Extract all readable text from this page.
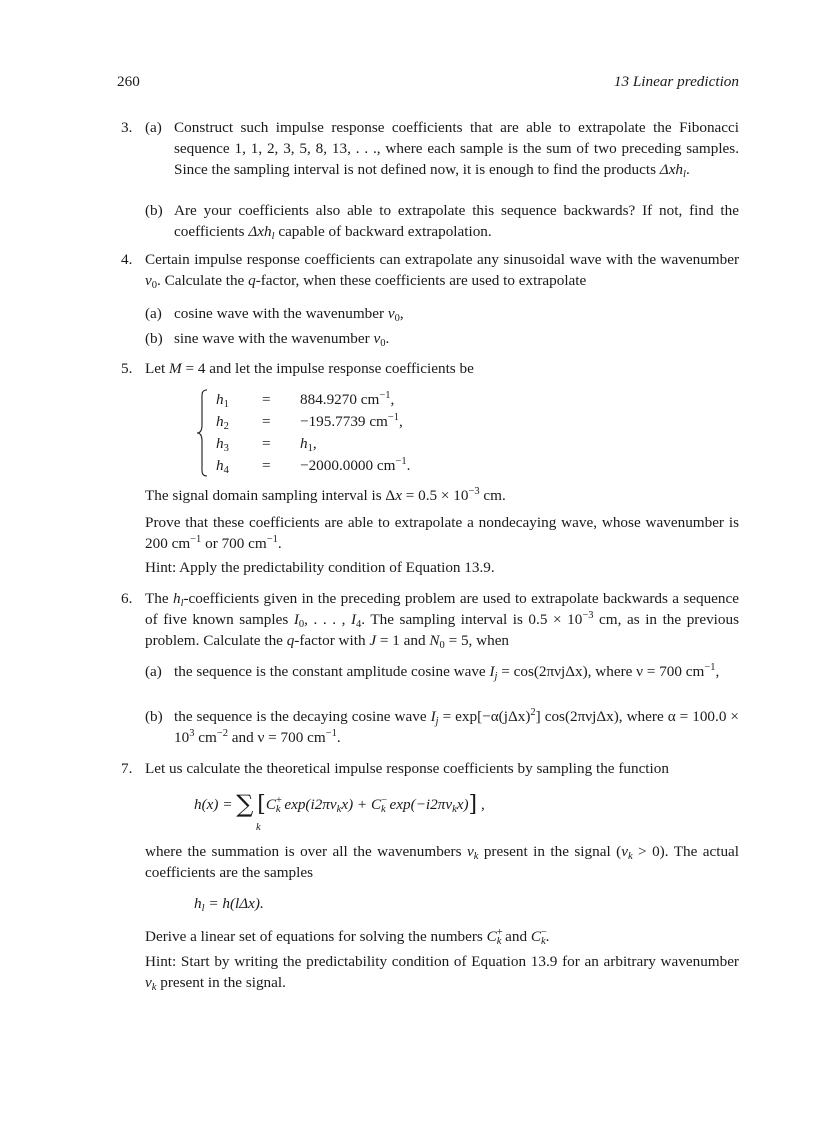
260	13 Linear prediction
3. (a) Construct such impulse response coefficients that are able to extrapolate the Fibonacci sequence 1, 1, 2, 3, 5, 8, 13, . . ., where each sample is the sum of two preceding samples. Since the sampling interval is not defined now, it is enough to find the products Δxh$_l$.
(b) Are your coefficients also able to extrapolate this sequence backwards? If not, find the coefficients Δxh$_l$ capable of backward extrapolation.
4. Certain impulse response coefficients can extrapolate any sinusoidal wave with the wavenumber $\nu_0$. Calculate the q-factor, when these coefficients are used to extrapolate
(a) cosine wave with the wavenumber $\nu_0$,
(b) sine wave with the wavenumber $\nu_0$.
5. Let M = 4 and let the impulse response coefficients be
$h_1$	= 884.9270 $cm^{-1}$,
$h_2$	= −195.7739 $cm^{-1}$,
$h_3$	= $h_1$,
$h_4$	= −2000.0000 $cm^{-1}$.
The signal domain sampling interval is $\Delta x = 0.5 \times 10^{-3}$ cm.
Prove that these coefficients are able to extrapolate a nondecaying wave, whose wavenumber is 200 $cm^{-1}$ or 700 $cm^{-1}$.
Hint: Apply the predictability condition of Equation 13.9.
6. The $h_l$-coefficients given in the preceding problem are used to extrapolate backwards a sequence of five known samples $I_0$, . . . , $I_4$. The sampling interval is $0.5 \times 10^{-3}$ cm, as in the previous problem. Calculate the q-factor with J = 1 and $N_0 = 5$, when
(a) the sequence is the constant amplitude cosine wave $I_j = \cos(2\pi\nu j\Delta x)$, where ν = 700 $cm^{-1}$,
(b) the sequence is the decaying cosine wave $I_j = \exp[-\alpha(j\Delta x)^2]$ cos(2πνjΔx), where $\alpha = 100.0 \times 10^3$ $cm^{-2}$ and ν = 700 $cm^{-1}$.
7. Let us calculate the theoretical impulse response coefficients by sampling the function
h(x) = ∑ [$C^+_k$ $\exp(i2\pi\nu_kx) + C^-_k$ $\exp(-i2\pi\nu_kx)$] ,
k
where the summation is over all the wavenumbers $\nu_k$ present in the signal $(\nu_k > 0)$. The actual coefficients are the samples
$h_l = h(l\Delta x)$.
Derive a linear set of equations for solving the numbers $C^+_k$ and $C^-_k$.
Hint: Start by writing the predictability condition of Equation 13.9 for an arbitrary wavenumber $\nu_k$ present in the signal.
